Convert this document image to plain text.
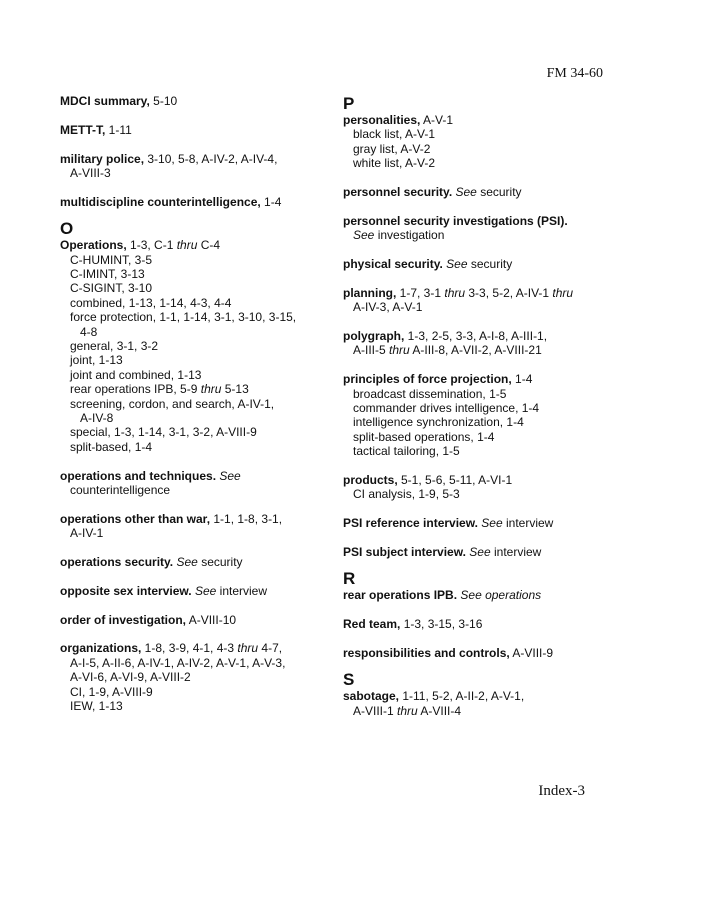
FM 34-60

MDCI summary, 5-10

METT-T, 1-11

military police, 3-10, 5-8, A-IV-2, A-IV-4,

A-VIII-3

multidiscipline counterintelligence, 1-4

O

Operations, 1-3, C-1 thru C-4

C-HUMINT, 3-5
C-IMINT, 3-13
C-SIGINT, 3-10
combined, 1-13, 1-14, 4-3, 4-4
force protection, 1-1, 1-14, 3-1, 3-10, 3-15,
4-8
general, 3-1, 3-2
joint, 1-13
joint and combined, 1-13
rear operations IPB, 5-9 thru 5-13
screening, cordon, and search, A-IV-1,
A-IV-8
special, 1-3, 1-14, 3-1, 3-2, A-VIII-9
split-based, 1-4

operations and techniques. See

counterintelligence

operations other than war, 1-1, 1-8, 3-1,

A-IV-1

operations security. See security

opposite sex interview. See interview

order of investigation, A-VIII-10

organizations, 1-8, 3-9, 4-1, 4-3 thru 4-7,

A-I-5, A-II-6, A-IV-1, A-IV-2, A-V-1, A-V-3,
A-VI-6, A-VI-9, A-VIII-2
CI, 1-9, A-VIII-9
IEW, 1-13
P

personalities, A-V-1

black list, A-V-1
gray list, A-V-2
white list, A-V-2

personnel security. See security

personnel security investigations (PSI).

See investigation

physical security. See security

planning, 1-7, 3-1 thru 3-3, 5-2, A-IV-1 thru

A-IV-3, A-V-1

polygraph, 1-3, 2-5, 3-3, A-I-8, A-III-1,

A-III-5 thru A-III-8, A-VII-2, A-VIII-21

principles of force projection, 1-4

broadcast dissemination, 1-5
commander drives intelligence, 1-4
intelligence synchronization, 1-4
split-based operations, 1-4
tactical tailoring, 1-5

products, 5-1, 5-6, 5-11, A-VI-1

CI analysis, 1-9, 5-3

PSI reference interview. See interview

PSI subject interview. See interview

R

rear operations IPB. See operations

Red team, 1-3, 3-15, 3-16

responsibilities and controls, A-VIII-9

S

sabotage, 1-11, 5-2, A-II-2, A-V-1,

A-VIII-1 thru A-VIII-4
Index-3
